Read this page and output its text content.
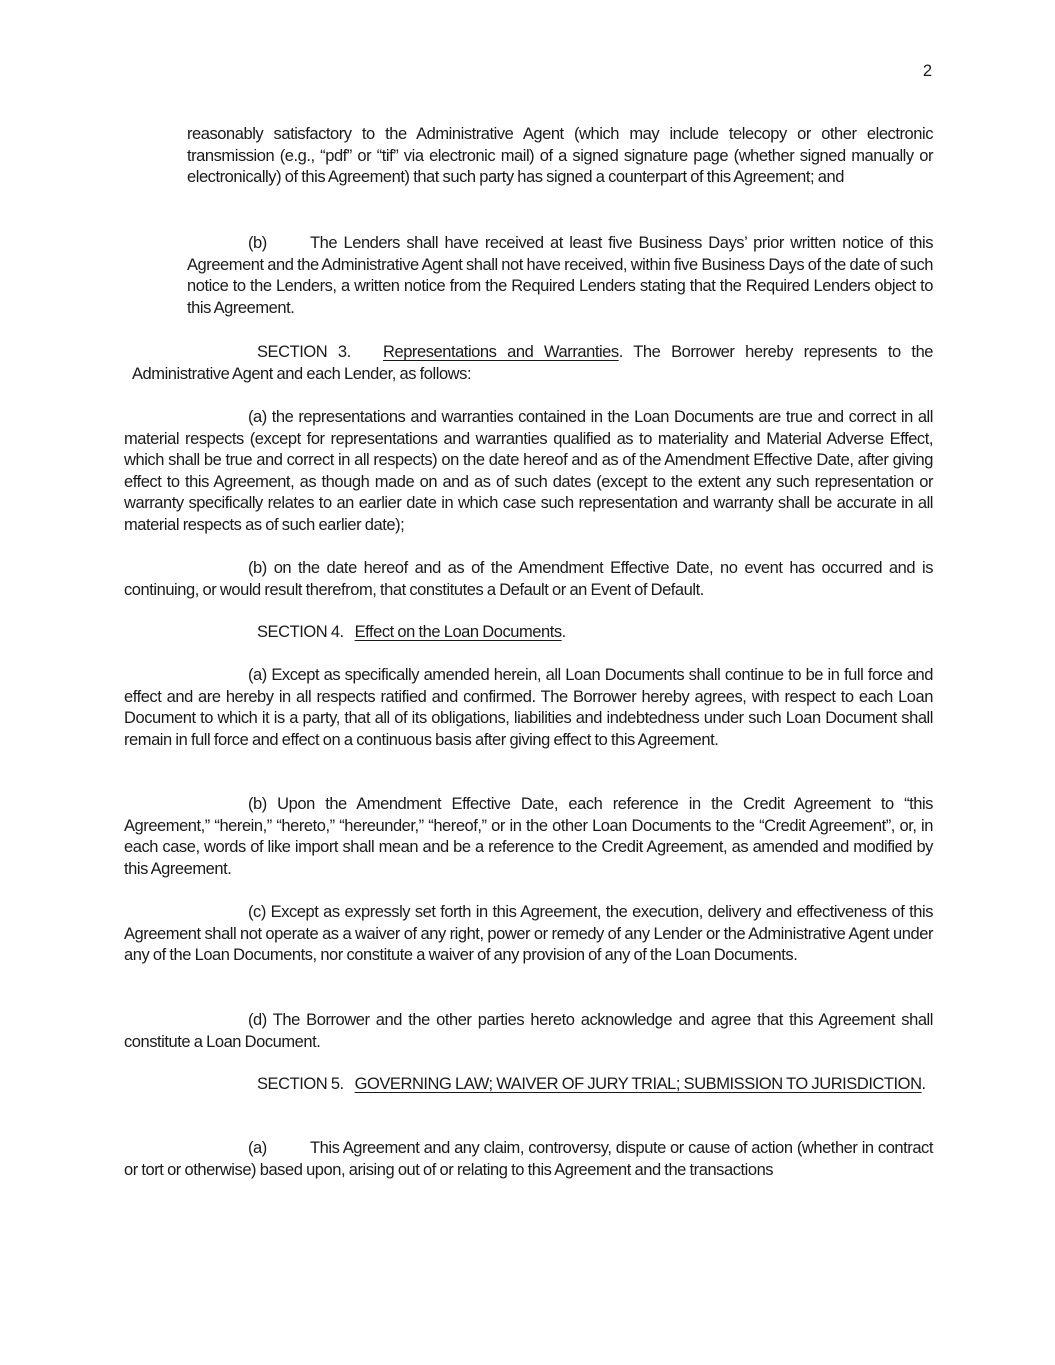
2

reasonably satisfactory to the Administrative Agent (which may include telecopy or other electronic transmission (e.g., “pdf” or “tif” via electronic mail) of a signed signature page (whether signed manually or electronically) of this Agreement) that such party has signed a counterpart of this Agreement; and

(b)	The Lenders shall have received at least five Business Days’ prior written notice of this Agreement and the Administrative Agent shall not have received, within five Business Days of the date of such notice to the Lenders, a written notice from the Required Lenders stating that the Required Lenders object to this Agreement.

SECTION 3. Representations and Warranties. The Borrower hereby represents to the Administrative Agent and each Lender, as follows:

(a) the representations and warranties contained in the Loan Documents are true and correct in all material respects (except for representations and warranties qualified as to materiality and Material Adverse Effect, which shall be true and correct in all respects) on the date hereof and as of the Amendment Effective Date, after giving effect to this Agreement, as though made on and as of such dates (except to the extent any such representation or warranty specifically relates to an earlier date in which case such representation and warranty shall be accurate in all material respects as of such earlier date);

(b) on the date hereof and as of the Amendment Effective Date, no event has occurred and is continuing, or would result therefrom, that constitutes a Default or an Event of Default.

SECTION 4. Effect on the Loan Documents.

(a) Except as specifically amended herein, all Loan Documents shall continue to be in full force and effect and are hereby in all respects ratified and confirmed. The Borrower hereby agrees, with respect to each Loan Document to which it is a party, that all of its obligations, liabilities and indebtedness under such Loan Document shall remain in full force and effect on a continuous basis after giving effect to this Agreement.

(b) Upon the Amendment Effective Date, each reference in the Credit Agreement to “this Agreement,” “herein,” “hereto,” “hereunder,” “hereof,” or in the other Loan Documents to the “Credit Agreement”, or, in each case, words of like import shall mean and be a reference to the Credit Agreement, as amended and modified by this Agreement.

(c) Except as expressly set forth in this Agreement, the execution, delivery and effectiveness of this Agreement shall not operate as a waiver of any right, power or remedy of any Lender or the Administrative Agent under any of the Loan Documents, nor constitute a waiver of any provision of any of the Loan Documents.

(d) The Borrower and the other parties hereto acknowledge and agree that this Agreement shall constitute a Loan Document.

SECTION 5. GOVERNING LAW; WAIVER OF JURY TRIAL; SUBMISSION TO JURISDICTION.

(a)	This Agreement and any claim, controversy, dispute or cause of action (whether in contract or tort or otherwise) based upon, arising out of or relating to this Agreement and the transactions
